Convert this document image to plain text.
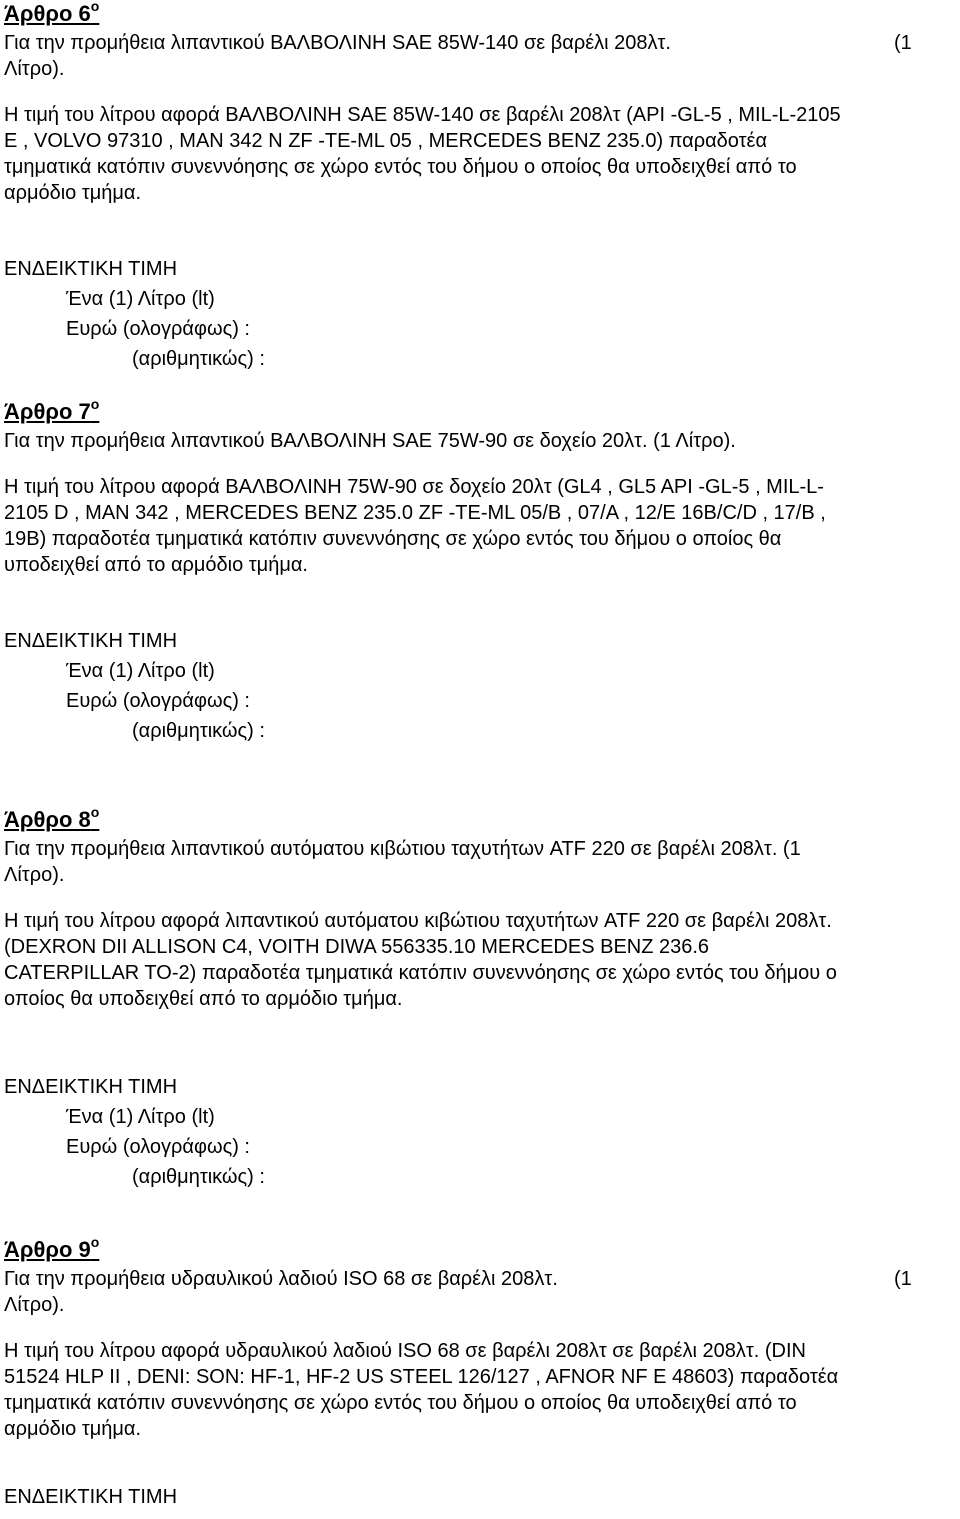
Άρθρο $6^o$
Για την προμήθεια λιπαντικού ΒΑΛΒΟΛΙΝΗ SAE 85W-140 σε βαρέλι 208λτ.	(1
Λίτρο).
Η τιμή του λίτρου αφορά ΒΑΛΒΟΛΙΝΗ SAE 85W-140 σε βαρέλι 208λτ (API -GL-5 , MIL-L-2105
E , VOLVO 97310 , MAN 342 N ZF -TE-ML 05 , MERCEDES BENZ 235.0) παραδοτέα
τμηματικά κατόπιν συνεννόησης σε χώρο εντός του δήμου ο οποίος θα υποδειχθεί από το
αρμόδιο τμήμα.
ΕΝΔΕΙΚΤΙΚΗ ΤΙΜΗ
Ένα (1) Λίτρο (lt)
Ευρώ (ολογράφως) :
(αριθμητικώς) :
Άρθρο $7^o$
Για την προμήθεια λιπαντικού ΒΑΛΒΟΛΙΝΗ SAE 75W-90 σε δοχείο 20λτ. (1 Λίτρο).
Η τιμή του λίτρου αφορά ΒΑΛΒΟΛΙΝΗ 75W-90 σε δοχείο 20λτ (GL4 , GL5 API -GL-5 , MIL-L-
2105 D , MAN 342 , MERCEDES BENZ 235.0 ZF -TE-ML 05/B , 07/A , 12/E 16B/C/D , 17/B ,
19B) παραδοτέα τμηματικά κατόπιν συνεννόησης σε χώρο εντός του δήμου ο οποίος θα
υποδειχθεί από το αρμόδιο τμήμα.
ΕΝΔΕΙΚΤΙΚΗ ΤΙΜΗ
Ένα (1) Λίτρο (lt)
Ευρώ (ολογράφως) :
(αριθμητικώς) :
Άρθρο $8^o$
Για την προμήθεια λιπαντικού αυτόματου κιβώτιου ταχυτήτων ATF 220 σε βαρέλι 208λτ. (1
Λίτρο).
Η τιμή του λίτρου αφορά λιπαντικού αυτόματου κιβώτιου ταχυτήτων ATF 220 σε βαρέλι 208λτ.
(DEXRON DII ALLISON C4, VOITH DIWA 556335.10 MERCEDES BENZ 236.6
CATERPILLAR TO-2) παραδοτέα τμηματικά κατόπιν συνεννόησης σε χώρο εντός του δήμου ο
οποίος θα υποδειχθεί από το αρμόδιο τμήμα.
ΕΝΔΕΙΚΤΙΚΗ ΤΙΜΗ
Ένα (1) Λίτρο (lt)
Ευρώ (ολογράφως) :
(αριθμητικώς) :
Άρθρο $9^o$
Για την προμήθεια υδραυλικού λαδιού ISO 68 σε βαρέλι 208λτ.	(1
Λίτρο).
Η τιμή του λίτρου αφορά υδραυλικού λαδιού ISO 68 σε βαρέλι 208λτ σε βαρέλι 208λτ. (DIN
51524 HLP II , DENI: SON: HF-1, HF-2 US STEEL 126/127 , AFNOR NF E 48603) παραδοτέα
τμηματικά κατόπιν συνεννόησης σε χώρο εντός του δήμου ο οποίος θα υποδειχθεί από το
αρμόδιο τμήμα.
ΕΝΔΕΙΚΤΙΚΗ ΤΙΜΗ
